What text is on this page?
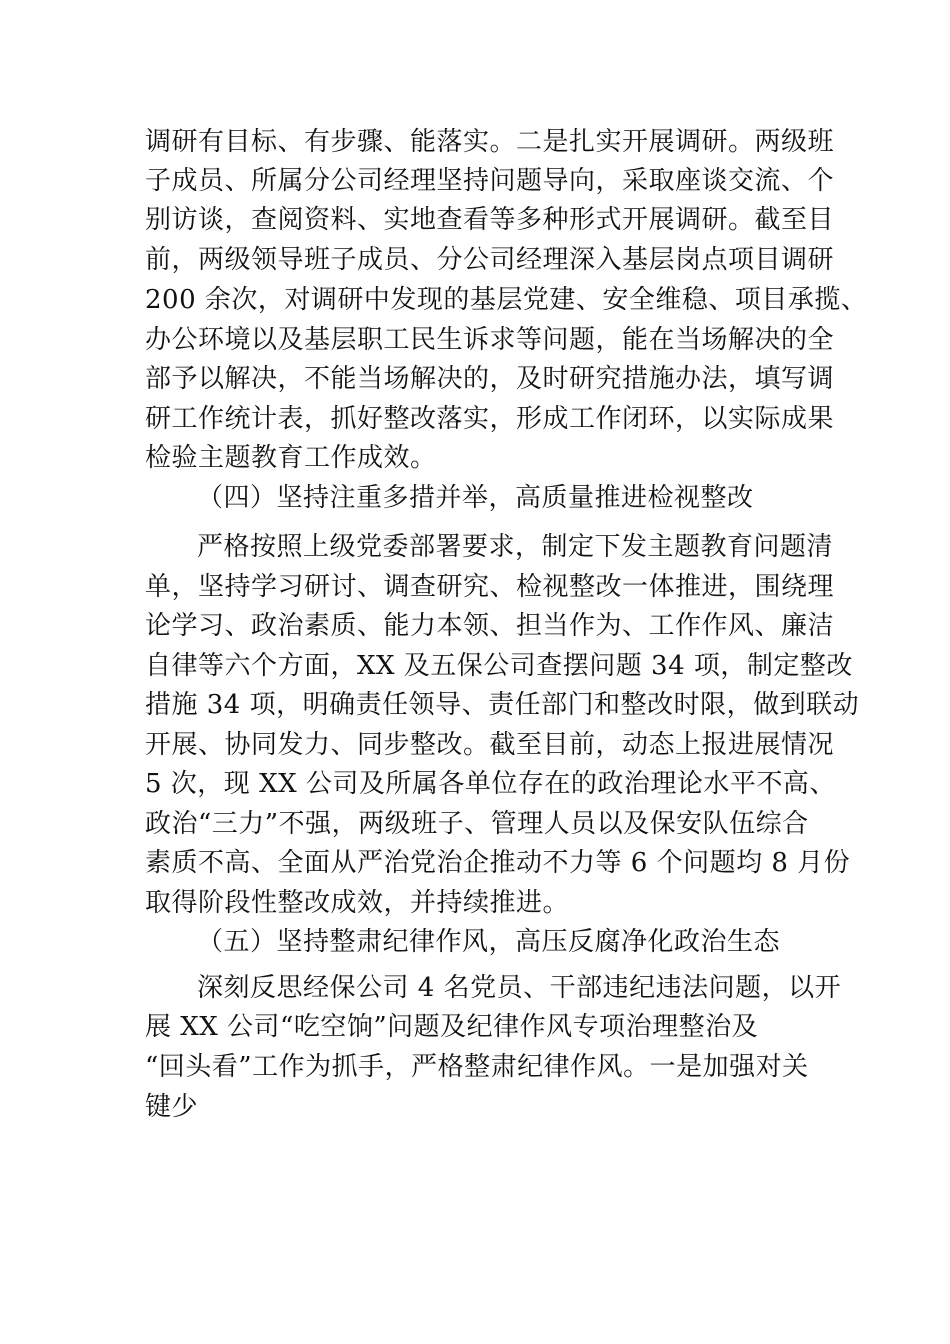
调研有目标、有步骤、能落实。二是扎实开展调研。两级班
子成员、所属分公司经理坚持问题导向，采取座谈交流、个
别访谈，查阅资料、实地查看等多种形式开展调研。截至目
前，两级领导班子成员、分公司经理深入基层岗点项目调研
200 余次，对调研中发现的基层党建、安全维稳、项目承揽、
办公环境以及基层职工民生诉求等问题，能在当场解决的全
部予以解决，不能当场解决的，及时研究措施办法，填写调
研工作统计表，抓好整改落实，形成工作闭环，以实际成果
检验主题教育工作成效。
（四）坚持注重多措并举，高质量推进检视整改
严格按照上级党委部署要求，制定下发主题教育问题清
单，坚持学习研讨、调查研究、检视整改一体推进，围绕理
论学习、政治素质、能力本领、担当作为、工作作风、廉洁
自律等六个方面，XX 及五保公司查摆问题 34 项，制定整改
措施 34 项，明确责任领导、责任部门和整改时限，做到联动
开展、协同发力、同步整改。截至目前，动态上报进展情况
5 次，现 XX 公司及所属各单位存在的政治理论水平不高、
政治“三力”不强，两级班子、管理人员以及保安队伍综合
素质不高、全面从严治党治企推动不力等 6 个问题均 8 月份
取得阶段性整改成效，并持续推进。
（五）坚持整肃纪律作风，高压反腐净化政治生态
深刻反思经保公司 4 名党员、干部违纪违法问题，以开
展 XX 公司“吃空饷”问题及纪律作风专项治理整治及
“回头看”工作为抓手，严格整肃纪律作风。一是加强对关
键少
